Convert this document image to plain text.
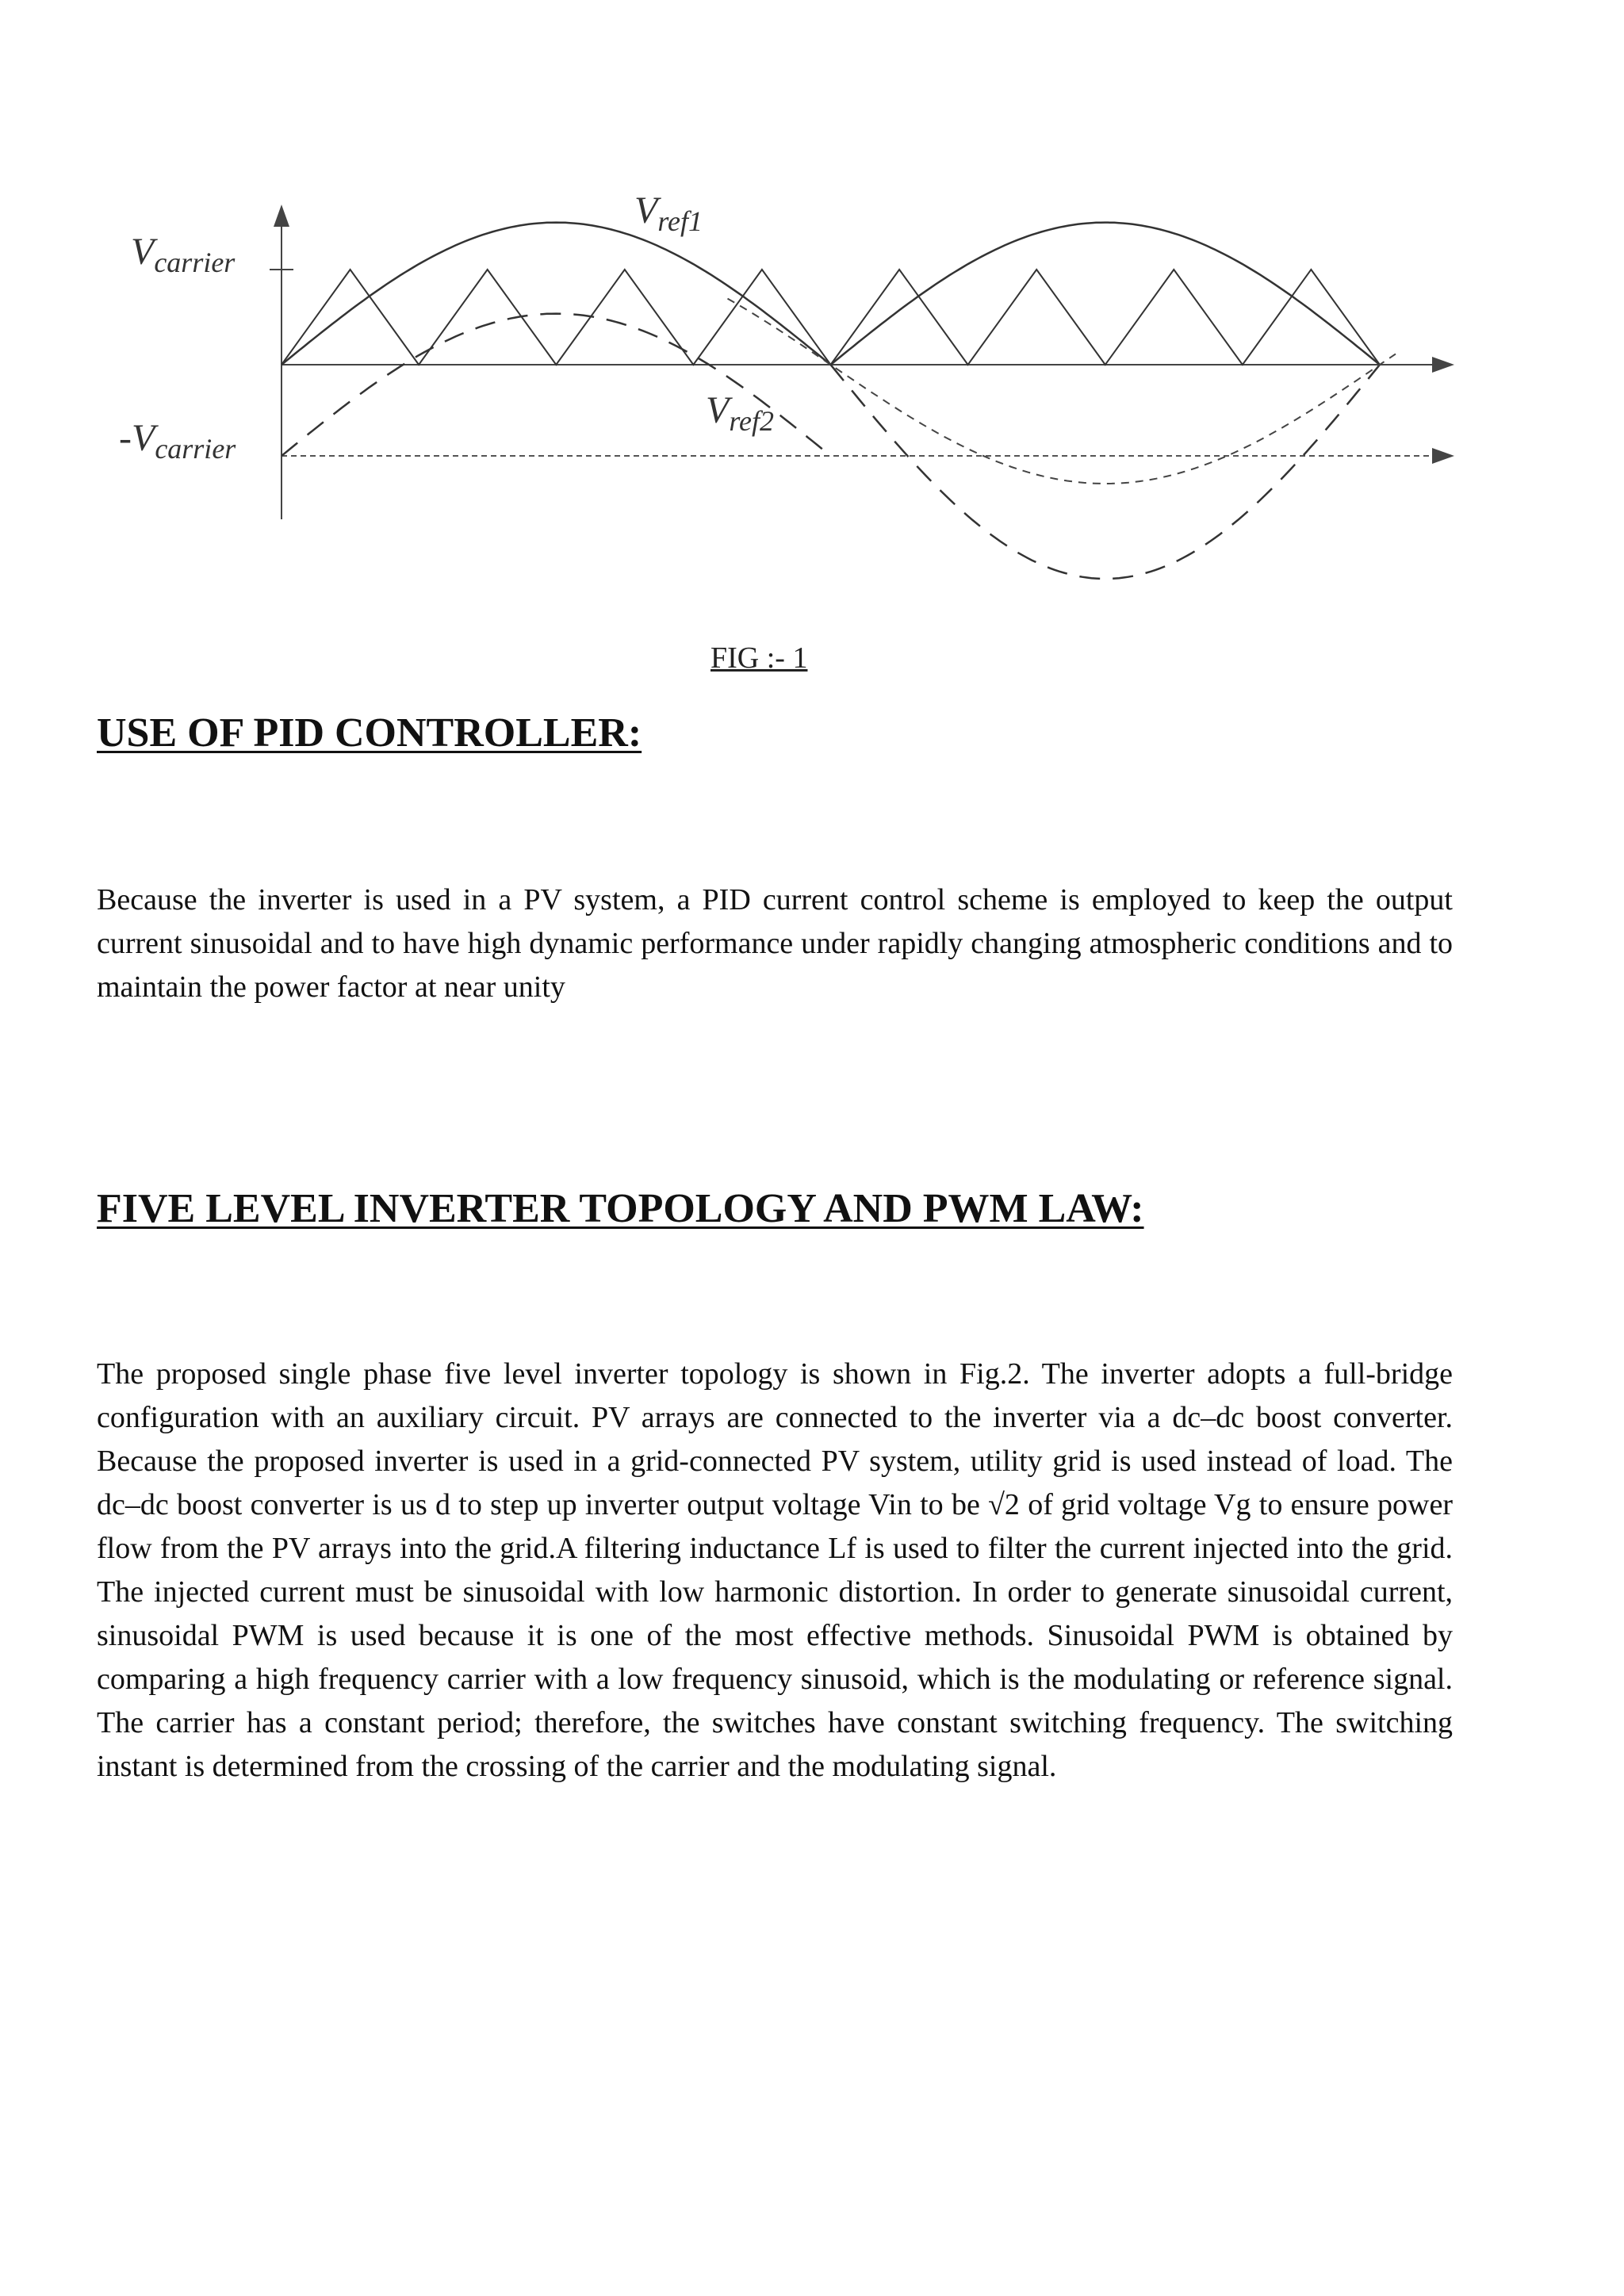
$V_{carrier}$
$-V_{carrier}$
$V_{ref1}$
$V_{ref2}$
FIG :- 1
USE OF PID CONTROLLER:
Because the inverter is used in a PV system, a PID current control scheme is employed to keep the output current sinusoidal and to have high dynamic performance under rapidly changing atmospheric conditions and to maintain the power factor at near unity
FIVE LEVEL INVERTER TOPOLOGY AND PWM LAW:
The proposed single phase five level inverter topology is shown in Fig.2. The inverter adopts a full-bridge configuration with an auxiliary circuit. PV arrays are connected to the inverter via a dc–dc boost converter. Because the proposed inverter is used in a grid-connected PV system, utility grid is used instead of load. The dc–dc boost converter is us d to step up inverter output voltage Vin to be √2 of grid voltage Vg to ensure power flow from the PV arrays into the grid.A filtering inductance Lf is used to filter the current injected into the grid. The injected current must be sinusoidal with low harmonic distortion. In order to generate sinusoidal current, sinusoidal PWM is used because it is one of the most effective methods. Sinusoidal PWM is obtained by comparing a high frequency carrier with a low frequency sinusoid, which is the modulating or reference signal. The carrier has a constant period; therefore, the switches have constant switching frequency. The switching instant is determined from the crossing of the carrier and the modulating signal.
